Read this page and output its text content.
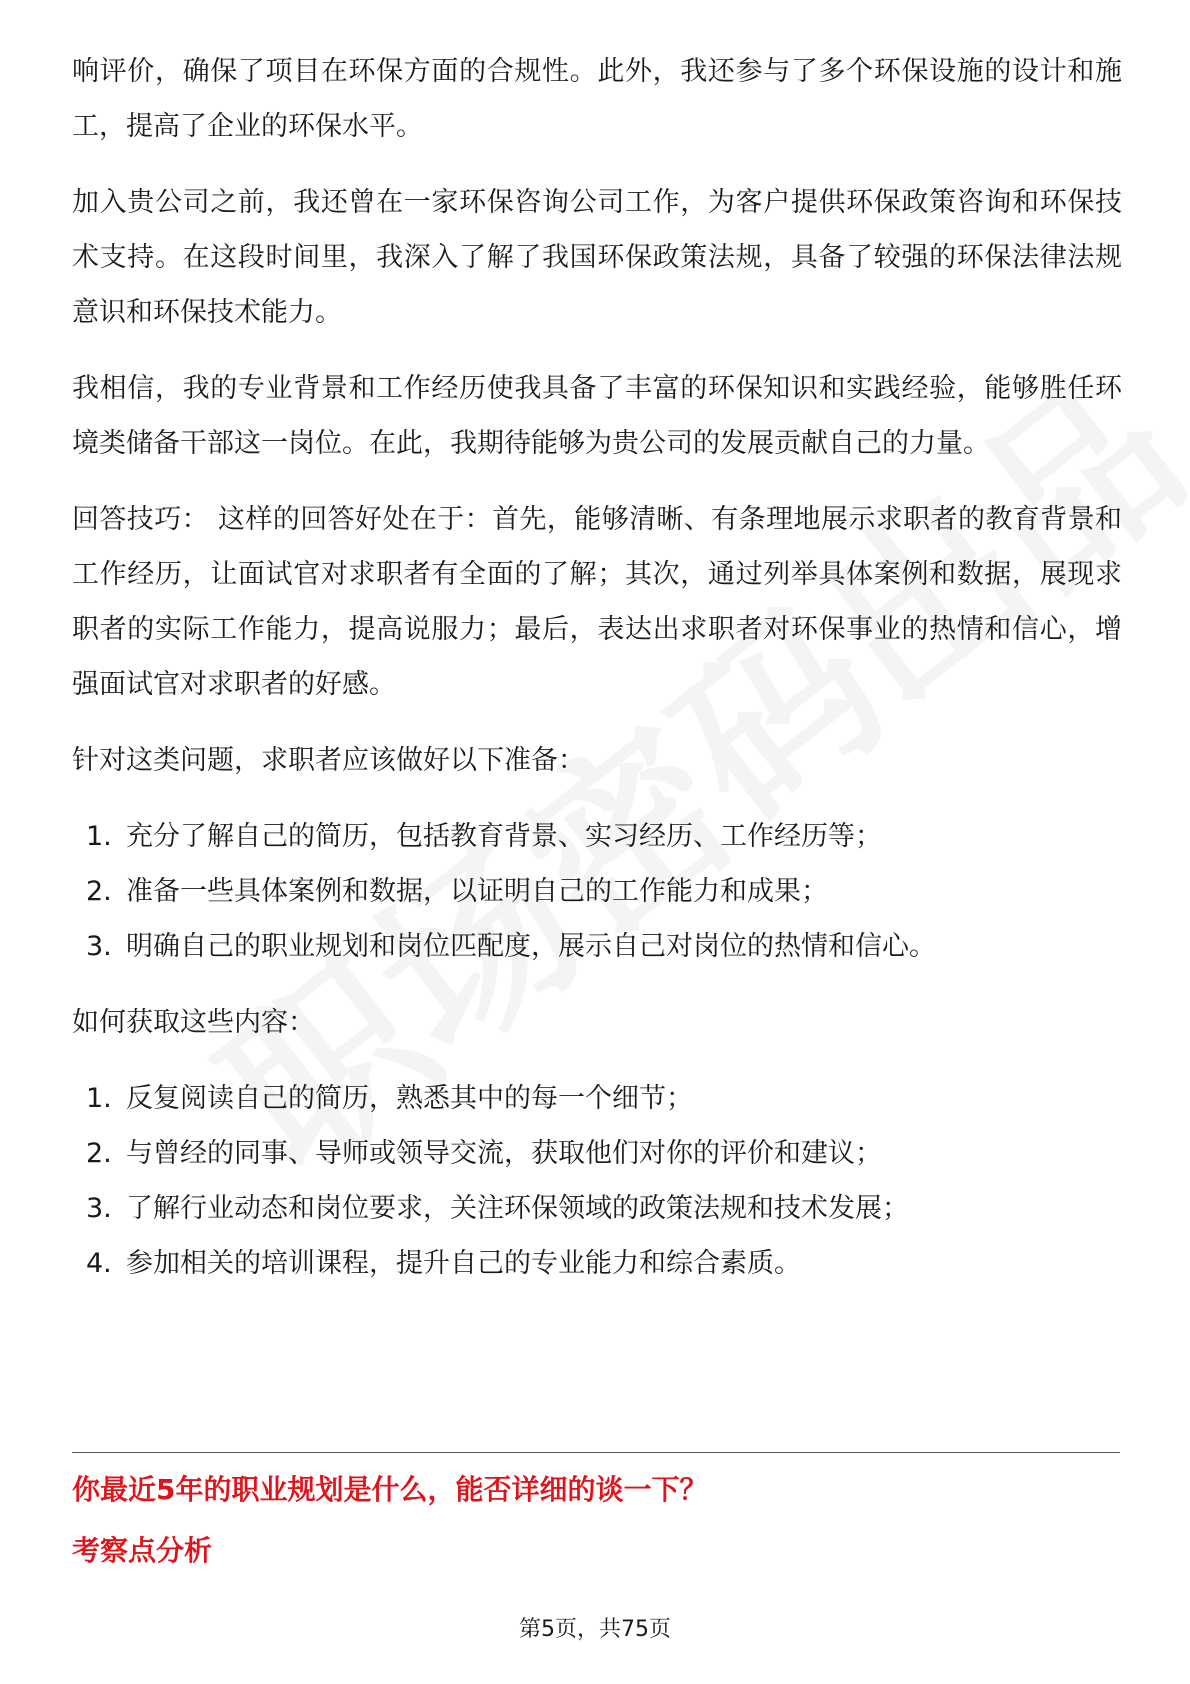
响评价，确保了项目在环保方面的合规性。此外，我还参与了多个环保设施的设计和施工，提高了企业的环保水平。

加入贵公司之前，我还曾在一家环保咨询公司工作，为客户提供环保政策咨询和环保技术支持。在这段时间里，我深入了解了我国环保政策法规，具备了较强的环保法律法规意识和环保技术能力。

我相信，我的专业背景和工作经历使我具备了丰富的环保知识和实践经验，能够胜任环境类储备干部这一岗位。在此，我期待能够为贵公司的发展贡献自己的力量。

回答技巧： 这样的回答好处在于：首先，能够清晰、有条理地展示求职者的教育背景和工作经历，让面试官对求职者有全面的了解；其次，通过列举具体案例和数据，展现求职者的实际工作能力，提高说服力；最后，表达出求职者对环保事业的热情和信心，增强面试官对求职者的好感。

针对这类问题，求职者应该做好以下准备：

1. 充分了解自己的简历，包括教育背景、实习经历、工作经历等；
2. 准备一些具体案例和数据，以证明自己的工作能力和成果；
3. 明确自己的职业规划和岗位匹配度，展示自己对岗位的热情和信心。

如何获取这些内容：

1. 反复阅读自己的简历，熟悉其中的每一个细节；
2. 与曾经的同事、导师或领导交流，获取他们对你的评价和建议；
3. 了解行业动态和岗位要求，关注环保领域的政策法规和技术发展；
4. 参加相关的培训课程，提升自己的专业能力和综合素质。
你最近5年的职业规划是什么，能否详细的谈一下？
考察点分析
第5页，共75页
